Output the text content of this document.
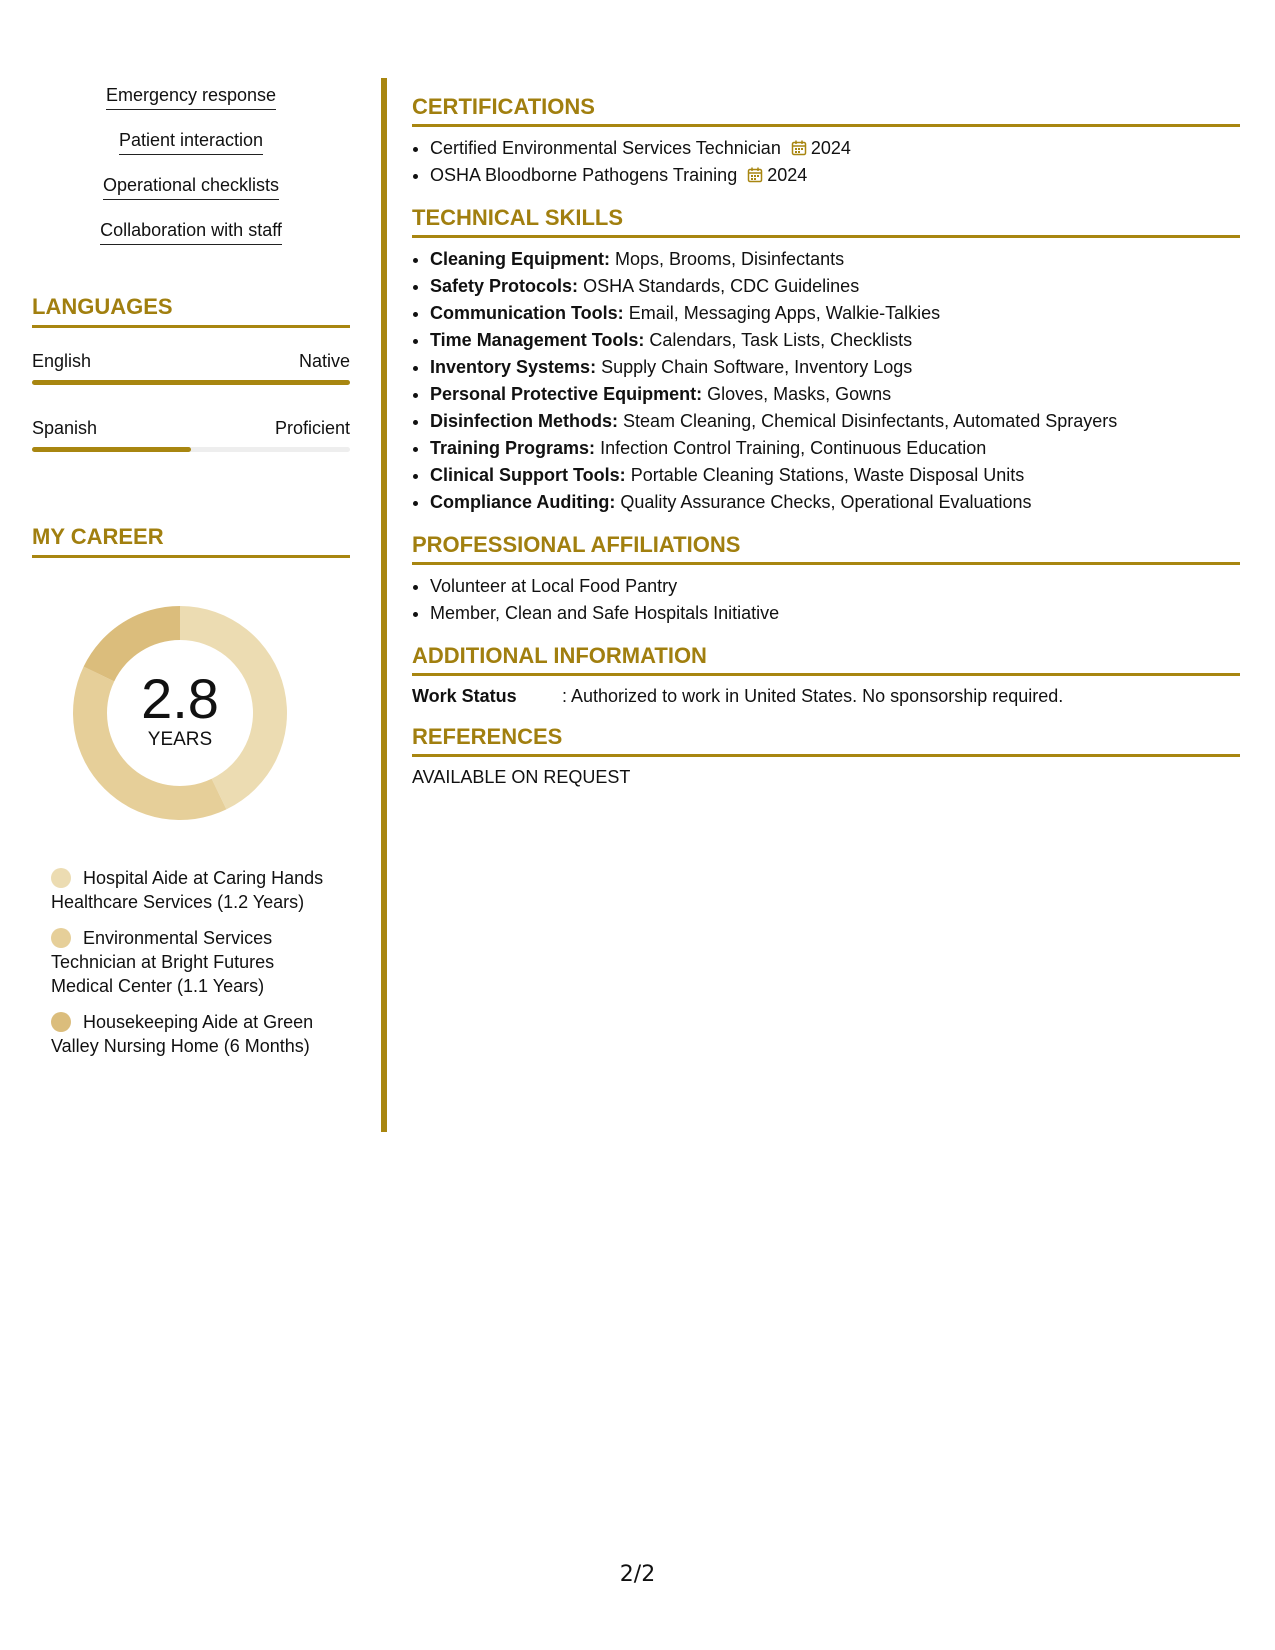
Emergency response
Patient interaction
Operational checklists
Collaboration with staff
LANGUAGES
English	Native
Spanish	Proficient
MY CAREER
2.8
YEARS
Hospital Aide at Caring Hands Healthcare Services (1.2 Years)
Environmental Services Technician at Bright Futures Medical Center (1.1 Years)
Housekeeping Aide at Green Valley Nursing Home (6 Months)
CERTIFICATIONS
• Certified Environmental Services Technician 2024
• OSHA Bloodborne Pathogens Training 2024
TECHNICAL SKILLS
• Cleaning Equipment: Mops, Brooms, Disinfectants
• Safety Protocols: OSHA Standards, CDC Guidelines
• Communication Tools: Email, Messaging Apps, Walkie-Talkies
• Time Management Tools: Calendars, Task Lists, Checklists
• Inventory Systems: Supply Chain Software, Inventory Logs
• Personal Protective Equipment: Gloves, Masks, Gowns
• Disinfection Methods: Steam Cleaning, Chemical Disinfectants, Automated Sprayers
• Training Programs: Infection Control Training, Continuous Education
• Clinical Support Tools: Portable Cleaning Stations, Waste Disposal Units
• Compliance Auditing: Quality Assurance Checks, Operational Evaluations
PROFESSIONAL AFFILIATIONS
• Volunteer at Local Food Pantry
• Member, Clean and Safe Hospitals Initiative
ADDITIONAL INFORMATION
Work Status	: Authorized to work in United States. No sponsorship required.
REFERENCES
AVAILABLE ON REQUEST
2/2
